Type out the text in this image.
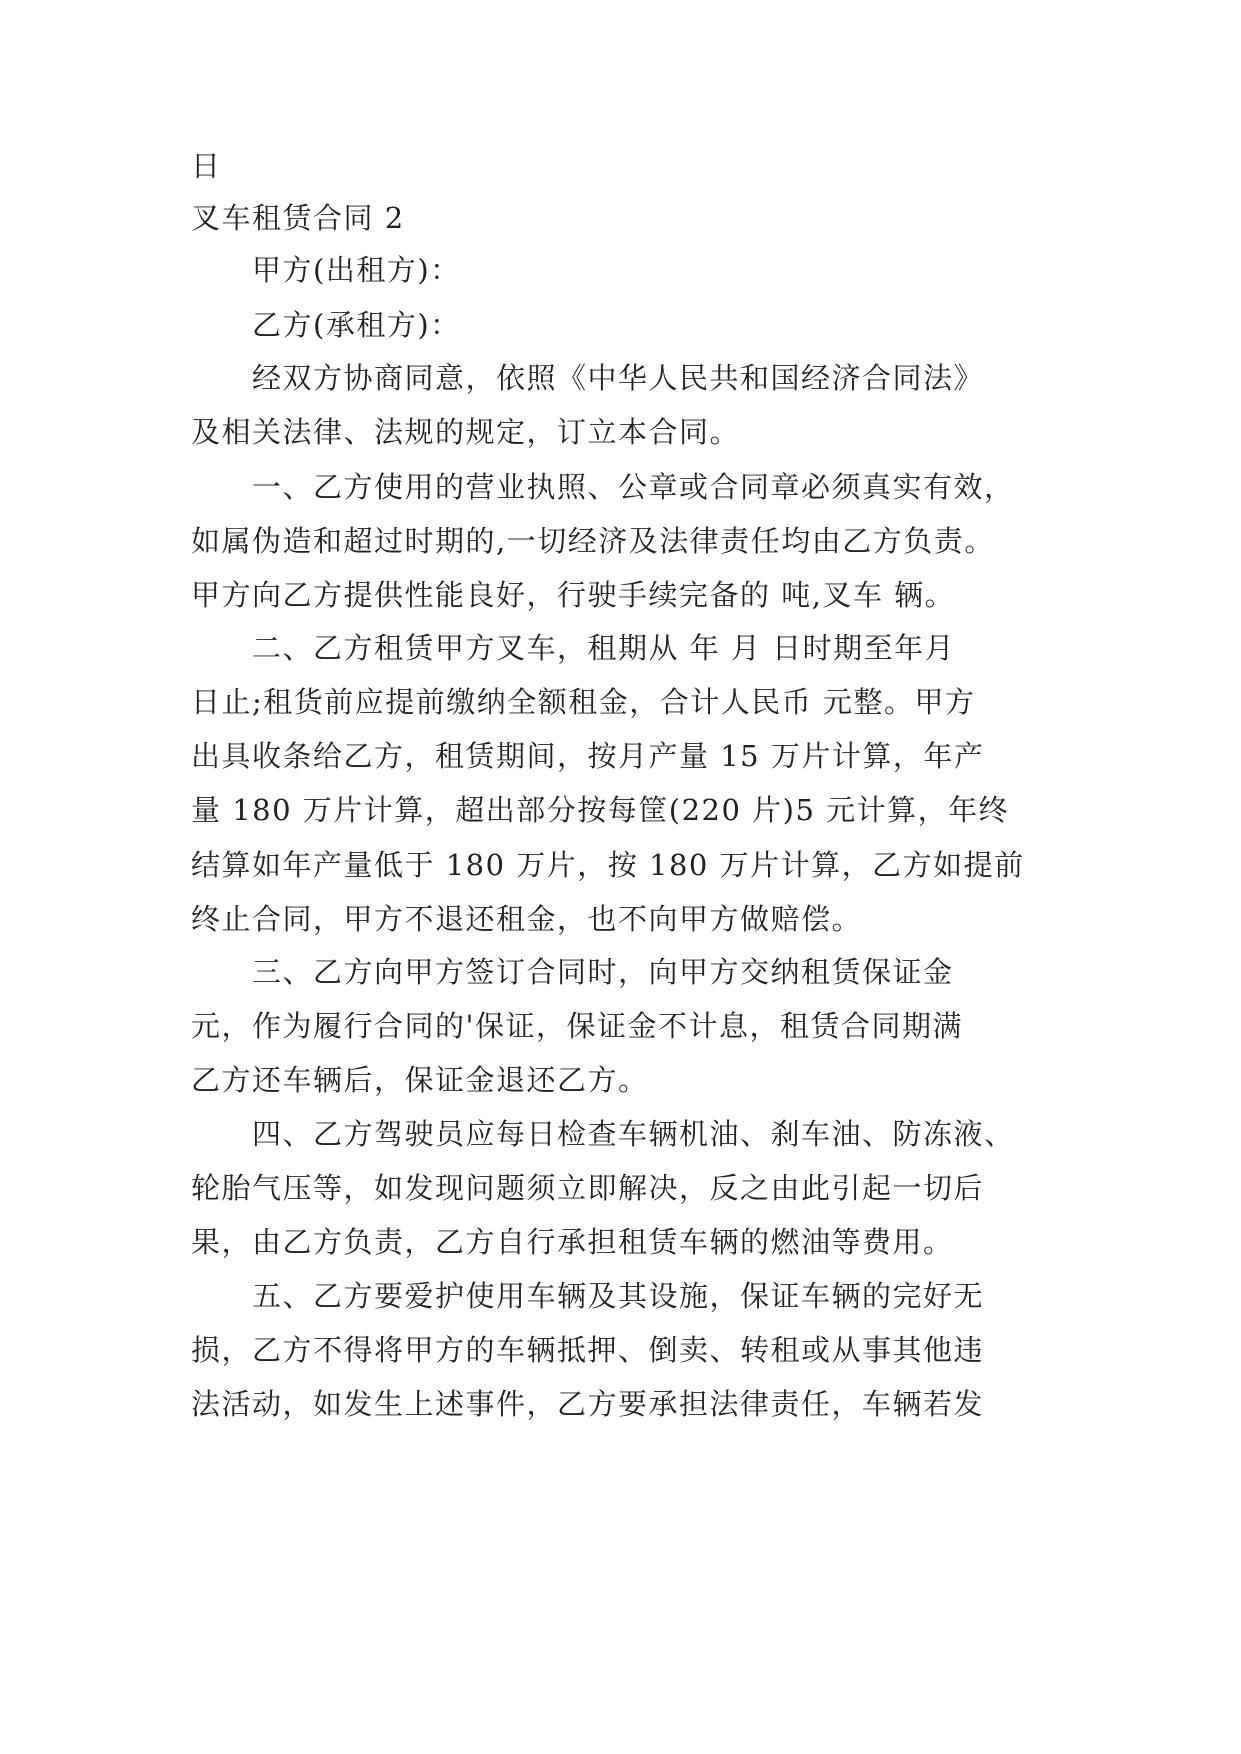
日
叉车租赁合同 2
甲方(出租方)：
乙方(承租方)：
经双方协商同意，依照《中华人民共和国经济合同法》
及相关法律、法规的规定，订立本合同。
一、乙方使用的营业执照、公章或合同章必须真实有效，
如属伪造和超过时期的,一切经济及法律责任均由乙方负责。
甲方向乙方提供性能良好，行驶手续完备的 吨,叉车 辆。
二、乙方租赁甲方叉车，租期从 年 月 日时期至年月
日止;租货前应提前缴纳全额租金，合计人民币 元整。甲方
出具收条给乙方，租赁期间，按月产量 15 万片计算，年产
量 180 万片计算，超出部分按每筐(220 片)5 元计算，年终
结算如年产量低于 180 万片，按 180 万片计算，乙方如提前
终止合同，甲方不退还租金，也不向甲方做赔偿。
三、乙方向甲方签订合同时，向甲方交纳租赁保证金
元，作为履行合同的'保证，保证金不计息，租赁合同期满
乙方还车辆后，保证金退还乙方。
四、乙方驾驶员应每日检查车辆机油、刹车油、防冻液、
轮胎气压等，如发现问题须立即解决，反之由此引起一切后
果，由乙方负责，乙方自行承担租赁车辆的燃油等费用。
五、乙方要爱护使用车辆及其设施，保证车辆的完好无
损，乙方不得将甲方的车辆抵押、倒卖、转租或从事其他违
法活动，如发生上述事件，乙方要承担法律责任，车辆若发
